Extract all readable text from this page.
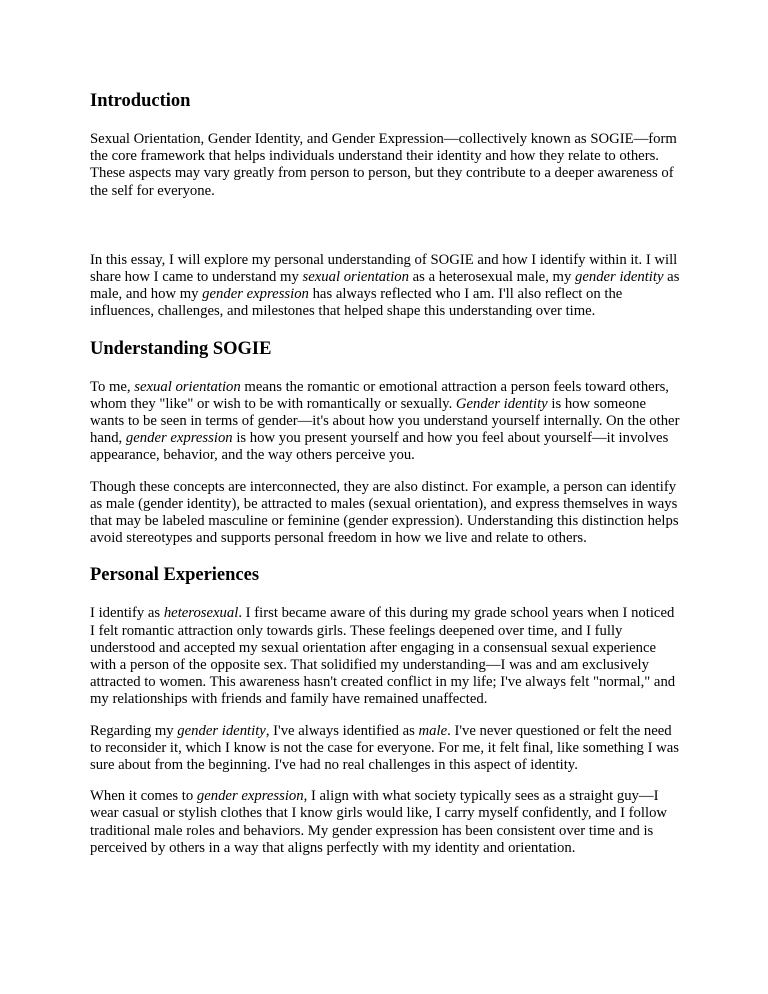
Introduction

Sexual Orientation, Gender Identity, and Gender Expression—collectively known as SOGIE—form the core framework that helps individuals understand their identity and how they relate to others. These aspects may vary greatly from person to person, but they contribute to a deeper awareness of the self for everyone.

In this essay, I will explore my personal understanding of SOGIE and how I identify within it. I will share how I came to understand my sexual orientation as a heterosexual male, my gender identity as male, and how my gender expression has always reflected who I am. I'll also reflect on the influences, challenges, and milestones that helped shape this understanding over time.

Understanding SOGIE

To me, sexual orientation means the romantic or emotional attraction a person feels toward others, whom they "like" or wish to be with romantically or sexually. Gender identity is how someone wants to be seen in terms of gender—it's about how you understand yourself internally. On the other hand, gender expression is how you present yourself and how you feel about yourself—it involves appearance, behavior, and the way others perceive you.

Though these concepts are interconnected, they are also distinct. For example, a person can identify as male (gender identity), be attracted to males (sexual orientation), and express themselves in ways that may be labeled masculine or feminine (gender expression). Understanding this distinction helps avoid stereotypes and supports personal freedom in how we live and relate to others.

Personal Experiences

I identify as heterosexual. I first became aware of this during my grade school years when I noticed I felt romantic attraction only towards girls. These feelings deepened over time, and I fully understood and accepted my sexual orientation after engaging in a consensual sexual experience with a person of the opposite sex. That solidified my understanding—I was and am exclusively attracted to women. This awareness hasn't created conflict in my life; I've always felt "normal," and my relationships with friends and family have remained unaffected.

Regarding my gender identity, I've always identified as male. I've never questioned or felt the need to reconsider it, which I know is not the case for everyone. For me, it felt final, like something I was sure about from the beginning. I've had no real challenges in this aspect of identity.

When it comes to gender expression, I align with what society typically sees as a straight guy—I wear casual or stylish clothes that I know girls would like, I carry myself confidently, and I follow traditional male roles and behaviors. My gender expression has been consistent over time and is perceived by others in a way that aligns perfectly with my identity and orientation.
